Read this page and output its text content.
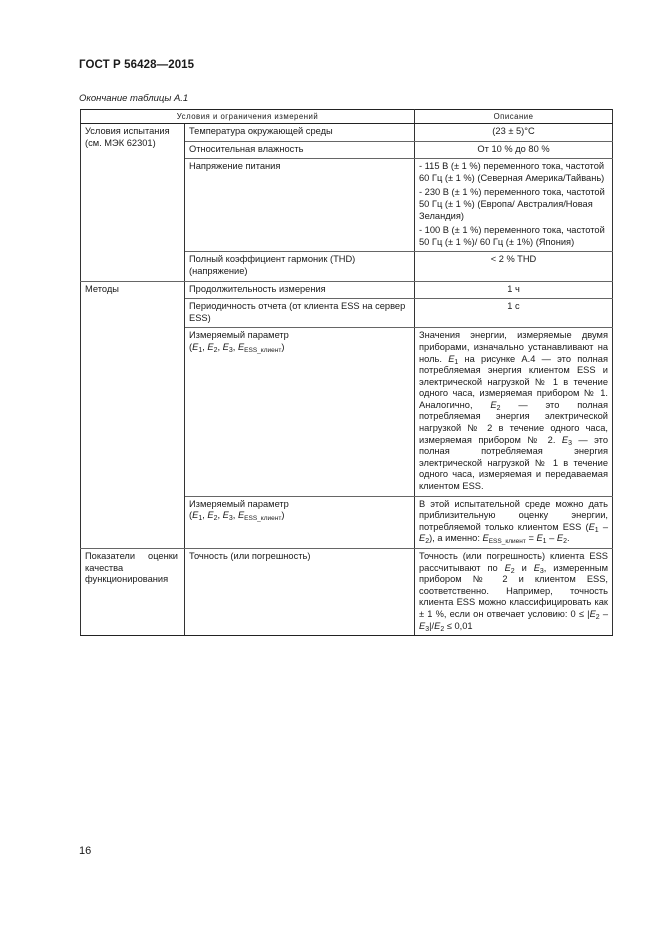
ГОСТ Р 56428—2015
Окончание таблицы А.1
Условия и ограничения измерений		Описание
Условия испытания (см. МЭК 62301)	Температура окружающей среды	(23 ± 5)°C
	Относительная влажность	От 10 % до 80 %
	Напряжение питания	- 115 В (± 1 %) переменного тока, частотой 60 Гц (± 1 %) (Северная Америка/Тайвань)

- 230 В (± 1 %) переменного тока, частотой 50 Гц (± 1 %) (Европа/ Австралия/Новая Зеландия)

- 100 В (± 1 %) переменного тока, частотой 50 Гц (± 1 %)/ 60 Гц (± 1%) (Япония)

	Полный коэффициент гармоник (THD) (напряжение)	< 2 % THD
Методы	Продолжительность измерения	1 ч
	Периодичность отчета (от клиента ESS на сервер ESS)	1 с
	Измеряемый параметр
($E_1$, $E_2$, $E_3$, $E_{ESS\_клиент}$)	Значения энергии, измеряемые двумя приборами, изначально устанавливают на ноль. $E_1$ на рисунке А.4 — это полная потребляемая энергия клиентом ESS и электрической нагрузкой № 1 в течение одного часа, измеряемая прибором № 1. Аналогично, $E_2$ — это полная потребляемая энергия электрической нагрузкой № 2 в течение одного часа, измеряемая прибором № 2. $E_3$ — это полная потребляемая энергия электрической нагрузкой № 1 в течение одного часа, измеряемая и передаваемая клиентом ESS.
	Измеряемый параметр
($E_1$, $E_2$, $E_3$, $E_{ESS\_клиент}$)	В этой испытательной среде можно дать приблизительную оценку энергии, потребляемой только клиентом ESS $(E_1 - E_2)$, а именно: $E_{ESS\_клиент} = E_1 - E_2$.
Показатели оценки качества функционирования	Точность (или погрешность)	Точность (или погрешность) клиента ESS рассчитывают по $E_2$ и $E_3$, измеренным прибором № 2 и клиентом ESS, соответственно. Например, точность клиента ESS можно классифицировать как ± 1 %, если он отвечает условию: $0 \le |E_2 - E_3|/E_2 \le 0,01$
16
